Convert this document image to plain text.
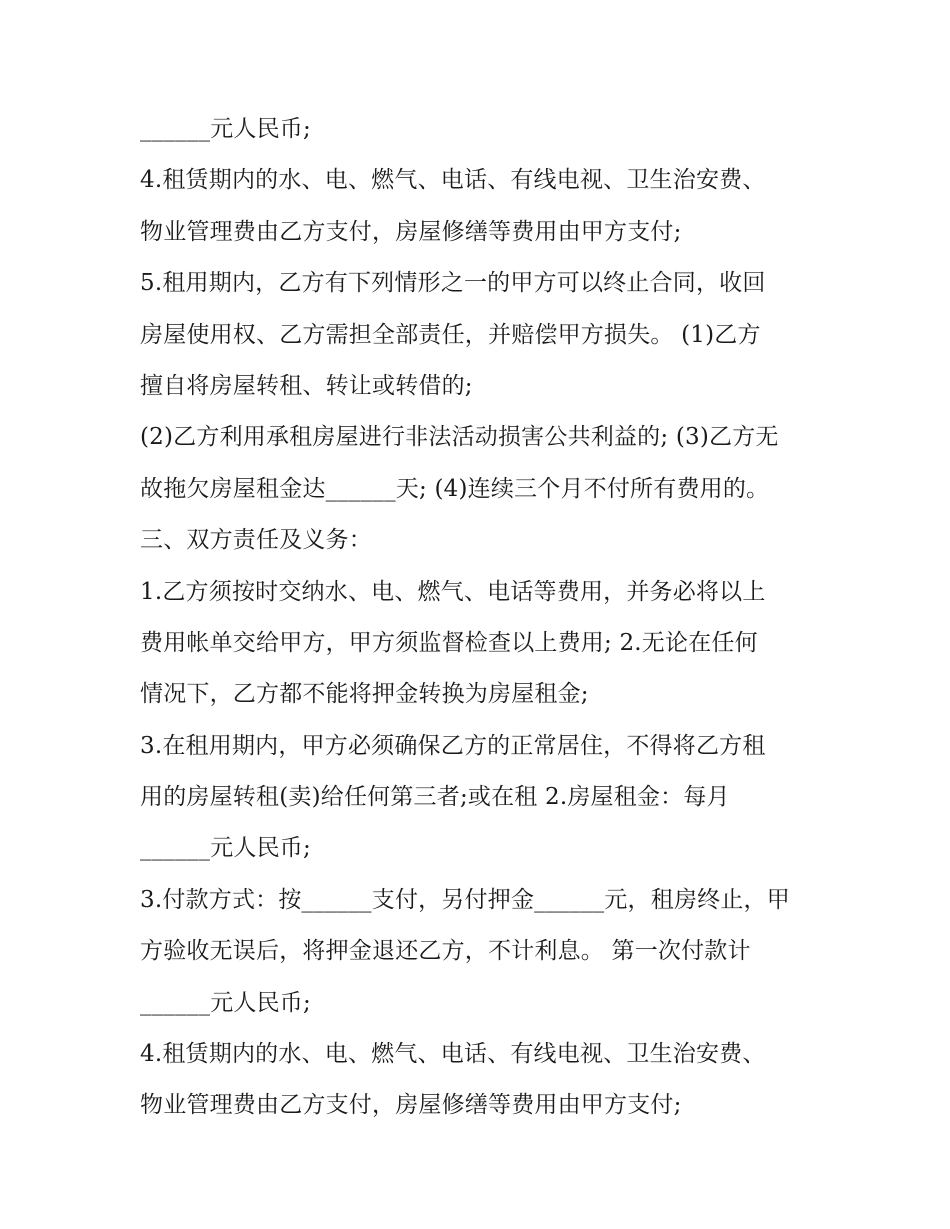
______元人民币;
4.租赁期内的水、电、燃气、电话、有线电视、卫生治安费、
物业管理费由乙方支付，房屋修缮等费用由甲方支付;
5.租用期内，乙方有下列情形之一的甲方可以终止合同，收回
房屋使用权、乙方需担全部责任，并赔偿甲方损失。 (1)乙方
擅自将房屋转租、转让或转借的;
(2)乙方利用承租房屋进行非法活动损害公共利益的; (3)乙方无
故拖欠房屋租金达______天; (4)连续三个月不付所有费用的。
三、双方责任及义务：
1.乙方须按时交纳水、电、燃气、电话等费用，并务必将以上
费用帐单交给甲方，甲方须监督检查以上费用; 2.无论在任何
情况下，乙方都不能将押金转换为房屋租金;
3.在租用期内，甲方必须确保乙方的正常居住，不得将乙方租
用的房屋转租(卖)给任何第三者;或在租 2.房屋租金：每月
______元人民币;
3.付款方式：按______支付，另付押金______元，租房终止，甲
方验收无误后，将押金退还乙方，不计利息。 第一次付款计
______元人民币;
4.租赁期内的水、电、燃气、电话、有线电视、卫生治安费、
物业管理费由乙方支付，房屋修缮等费用由甲方支付;
